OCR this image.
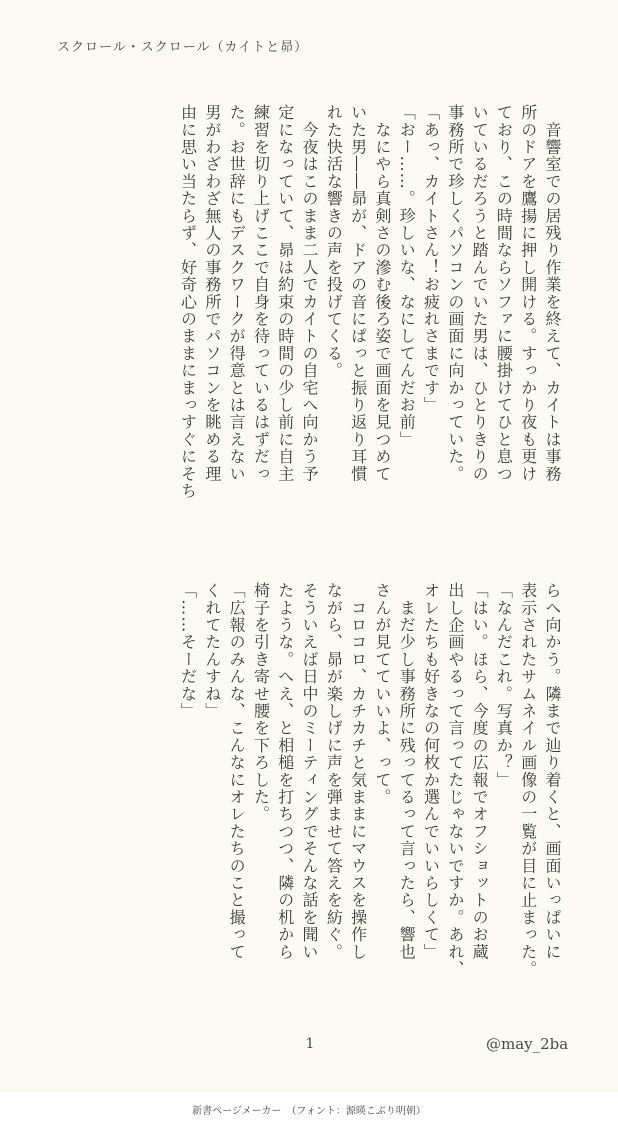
スクロール・スクロール（カイトと昴）
　音響室での居残り作業を終えて、カイトは事務
所のドアを鷹揚に押し開ける。すっかり夜も更け
ており、この時間ならソファに腰掛けてひと息つ
いているだろうと踏んでいた男は、ひとりきりの
事務所で珍しくパソコンの画面に向かっていた。
「あっ、カイトさん！お疲れさまです」
「おー……。珍しいな、なにしてんだお前」
　なにやら真剣さの滲む後ろ姿で画面を見つめて
いた男――昴が、ドアの音にぱっと振り返り耳慣
れた快活な響きの声を投げてくる。
　今夜はこのまま二人でカイトの自宅へ向かう予
定になっていて、昴は約束の時間の少し前に自主
練習を切り上げここで自身を待っているはずだっ
た。お世辞にもデスクワークが得意とは言えない
男がわざわざ無人の事務所でパソコンを眺める理
由に思い当たらず、好奇心のままにまっすぐにそち
らへ向かう。隣まで辿り着くと、画面いっぱいに
表示されたサムネイル画像の一覧が目に止まった。
「なんだこれ。写真か？」
「はい。ほら、今度の広報でオフショットのお蔵
出し企画やるって言ってたじゃないですか。あれ、
オレたちも好きなの何枚か選んでいいらしくて」
　まだ少し事務所に残ってるって言ったら、響也
さんが見てていいよ、って。
　コロコロ、カチカチと気ままにマウスを操作し
ながら、昴が楽しげに声を弾ませて答えを紡ぐ。
そういえば日中のミーティングでそんな話を聞い
たような。へえ、と相槌を打ちつつ、隣の机から
椅子を引き寄せ腰を下ろした。
「広報のみんな、こんなにオレたちのこと撮って
くれてたんすね」
「……そーだな」
1	@may_2ba
新書ページメーカー　（フォント：源暎こぶり明朝）
